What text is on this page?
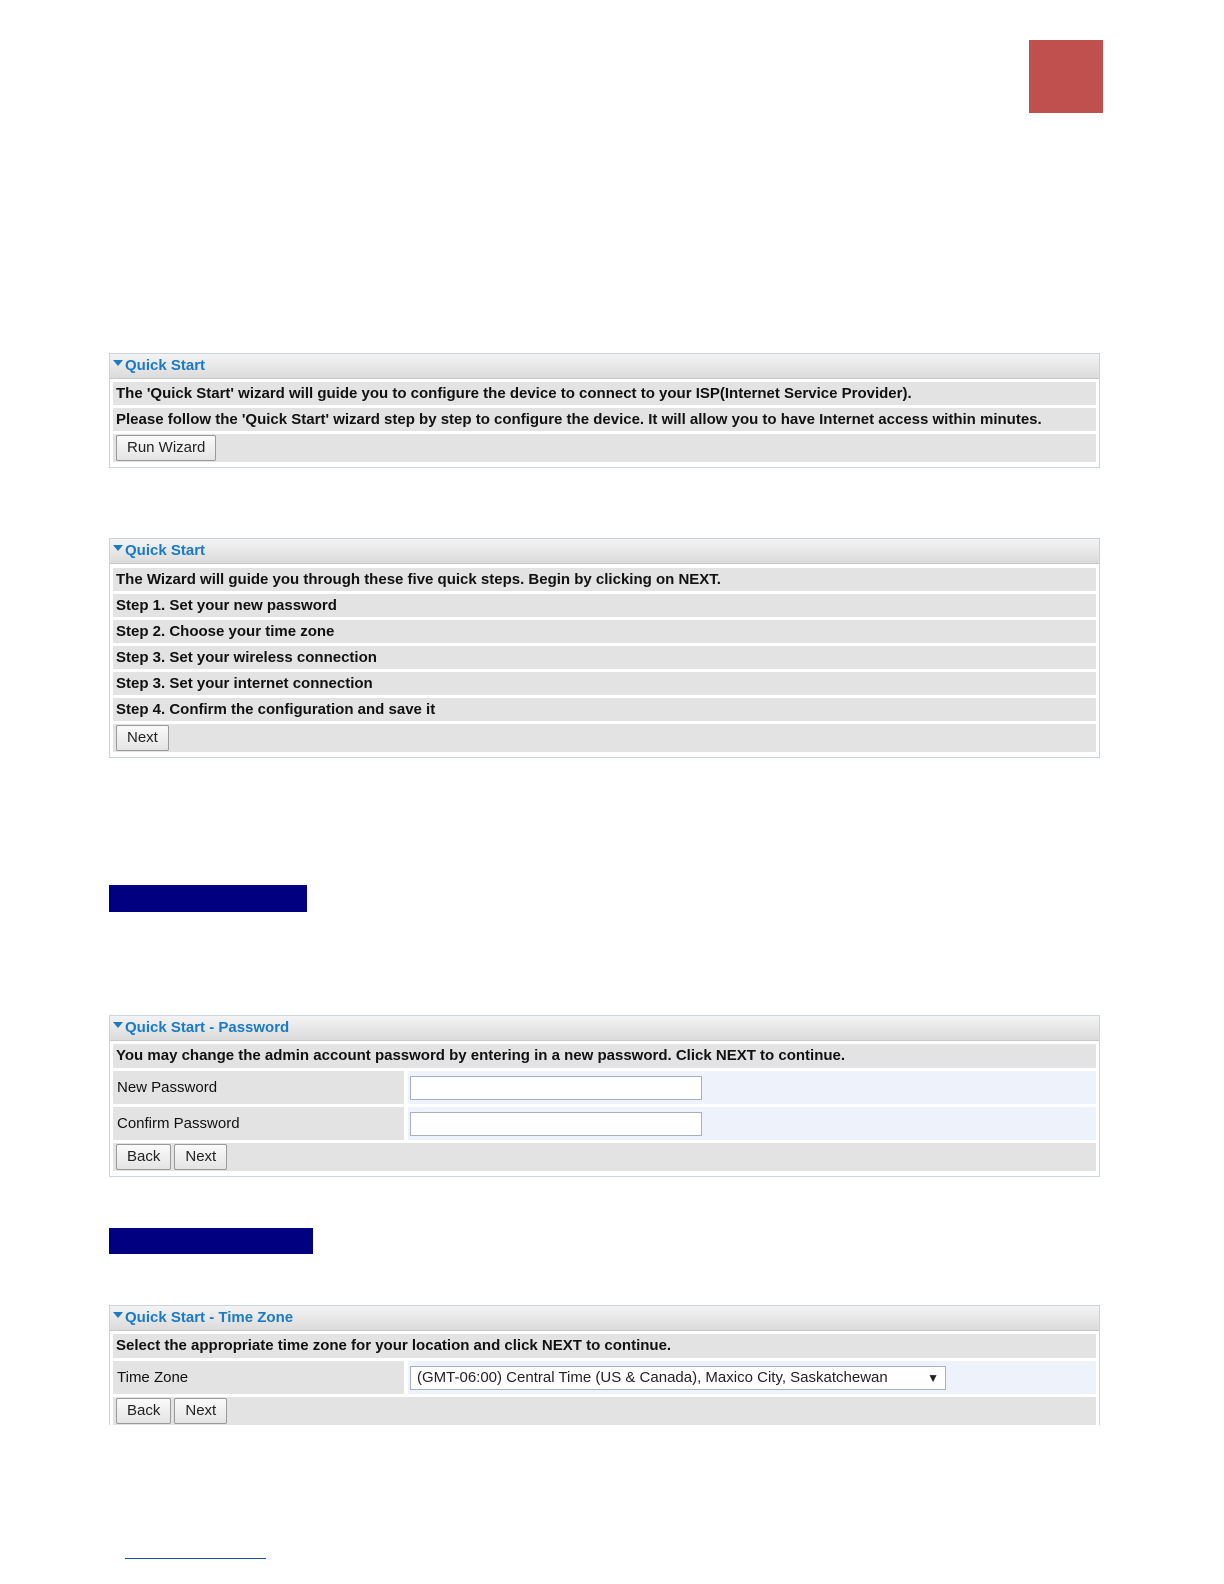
Quick Start
The 'Quick Start' wizard will guide you to configure the device to connect to your ISP(Internet Service Provider).
Please follow the 'Quick Start' wizard step by step to configure the device. It will allow you to have Internet access within minutes.
Run Wizard
Quick Start
The Wizard will guide you through these five quick steps. Begin by clicking on NEXT.
Step 1. Set your new password
Step 2. Choose your time zone
Step 3. Set your wireless connection
Step 3. Set your internet connection
Step 4. Confirm the configuration and save it
Next
Quick Start - Password
You may change the admin account password by entering in a new password. Click NEXT to continue.
New Password
Confirm Password
Back Next
Quick Start - Time Zone
Select the appropriate time zone for your location and click NEXT to continue.
Time Zone	(GMT-06:00) Central Time (US & Canada), Maxico City, Saskatchewan	▼
Back Next
